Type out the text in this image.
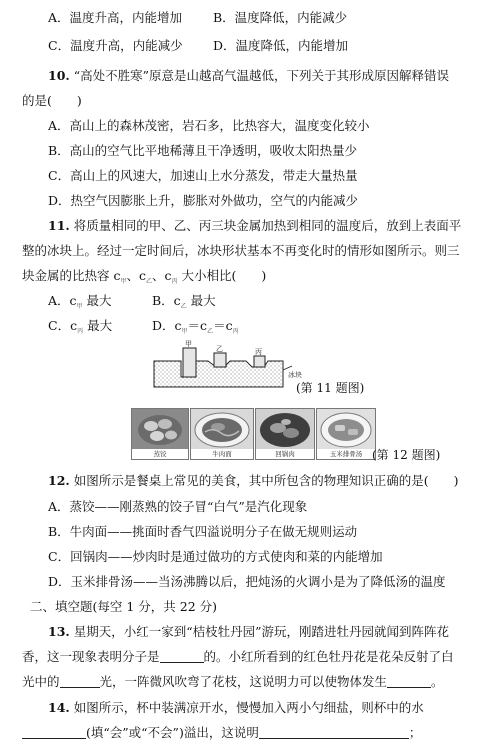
A．温度升高，内能增加 B．温度降低，内能减少
C．温度升高，内能减少 D．温度降低，内能增加
10. “高处不胜寒”原意是山越高气温越低，下列关于其形成原因解释错误
的是(　　)
A．高山上的森林茂密，岩石多，比热容大，温度变化较小
B．高山的空气比平地稀薄且干净透明，吸收太阳热量少
C．高山上的风速大，加速山上水分蒸发，带走大量热量
D．热空气因膨胀上升，膨胀对外做功，空气的内能减少
11. 将质量相同的甲、乙、丙三块金属加热到相同的温度后，放到上表面平
整的冰块上。经过一定时间后，冰块形状基本不再变化时的情形如图所示。则三
块金属的比热容 $c_甲$、$c_乙$、$c_丙$ 大小相比(　　)
A．$c_甲$ 最大	B．$c_乙$ 最大
C．$c_丙$ 最大	D．$c_甲=c_乙=c_丙$
甲
乙	丙
冰块
(第 11 题图)
蒸饺	牛肉面	回锅肉	玉米排骨汤 (第 12 题图)
12. 如图所示是餐桌上常见的美食，其中所包含的物理知识正确的是(　　)
A．蒸饺——刚蒸熟的饺子冒“白气”是汽化现象
B．牛肉面——挑面时香气四溢说明分子在做无规则运动
C．回锅肉——炒肉时是通过做功的方式使肉和菜的内能增加
D．玉米排骨汤——当汤沸腾以后，把炖汤的火调小是为了降低汤的温度
二、填空题(每空 1 分，共 22 分)
13. 星期天，小红一家到“桔枝牡丹园”游玩，刚踏进牡丹园就闻到阵阵花
香，这一现象表明分子是	的。小红所看到的红色牡丹花是花朵反射了白
光中的	光，一阵微风吹弯了花枝，这说明力可以使物体发生	。
14. 如图所示，杯中装满凉开水，慢慢加入两小勺细盐，则杯中的水
(填“会”或“不会”)溢出，这说明	；
